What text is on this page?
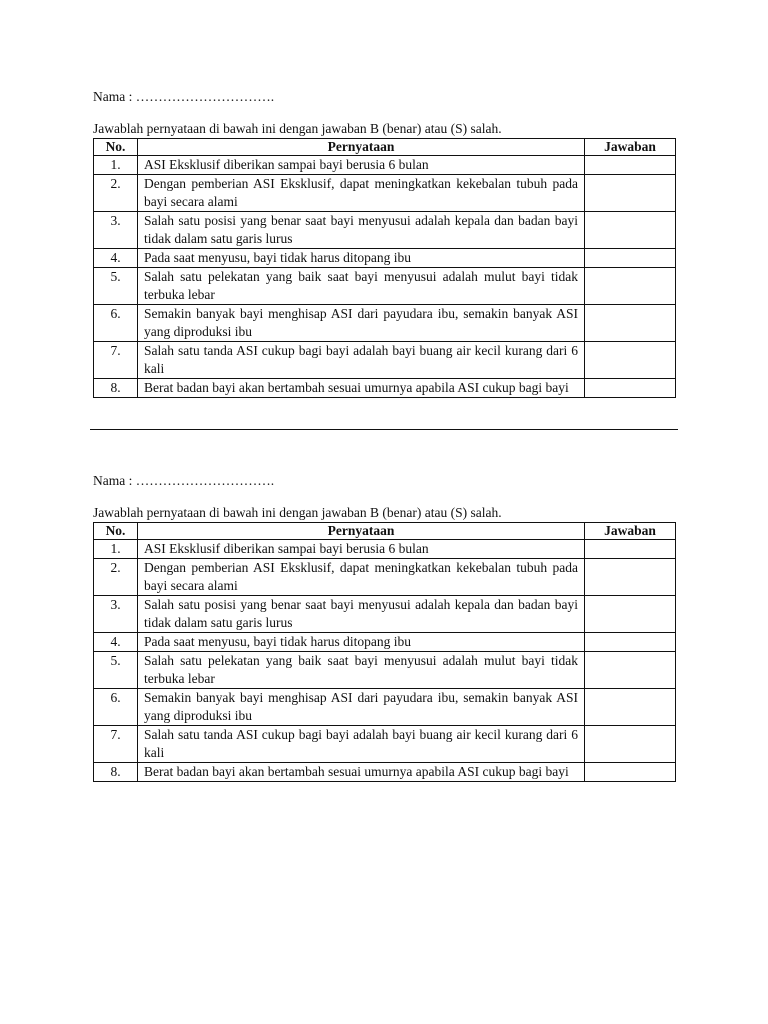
Nama : ………………………….
Jawablah pernyataan di bawah ini dengan jawaban B (benar) atau (S) salah.
No.	Pernyataan	Jawaban
1.	ASI Eksklusif diberikan sampai bayi berusia 6 bulan	
2.	Dengan pemberian ASI Eksklusif, dapat meningkatkan kekebalan tubuh pada bayi secara alami	
3.	Salah satu posisi yang benar saat bayi menyusui adalah kepala dan badan bayi tidak dalam satu garis lurus	
4.	Pada saat menyusu, bayi tidak harus ditopang ibu	
5.	Salah satu pelekatan yang baik saat bayi menyusui adalah mulut bayi tidak terbuka lebar	
6.	Semakin banyak bayi menghisap ASI dari payudara ibu, semakin banyak ASI yang diproduksi ibu	
7.	Salah satu tanda ASI cukup bagi bayi adalah bayi buang air kecil kurang dari 6 kali	
8.	Berat badan bayi akan bertambah sesuai umurnya apabila ASI cukup bagi bayi	
Nama : ………………………….
Jawablah pernyataan di bawah ini dengan jawaban B (benar) atau (S) salah.
No.	Pernyataan	Jawaban
1.	ASI Eksklusif diberikan sampai bayi berusia 6 bulan	
2.	Dengan pemberian ASI Eksklusif, dapat meningkatkan kekebalan tubuh pada bayi secara alami	
3.	Salah satu posisi yang benar saat bayi menyusui adalah kepala dan badan bayi tidak dalam satu garis lurus	
4.	Pada saat menyusu, bayi tidak harus ditopang ibu	
5.	Salah satu pelekatan yang baik saat bayi menyusui adalah mulut bayi tidak terbuka lebar	
6.	Semakin banyak bayi menghisap ASI dari payudara ibu, semakin banyak ASI yang diproduksi ibu	
7.	Salah satu tanda ASI cukup bagi bayi adalah bayi buang air kecil kurang dari 6 kali	
8.	Berat badan bayi akan bertambah sesuai umurnya apabila ASI cukup bagi bayi	
